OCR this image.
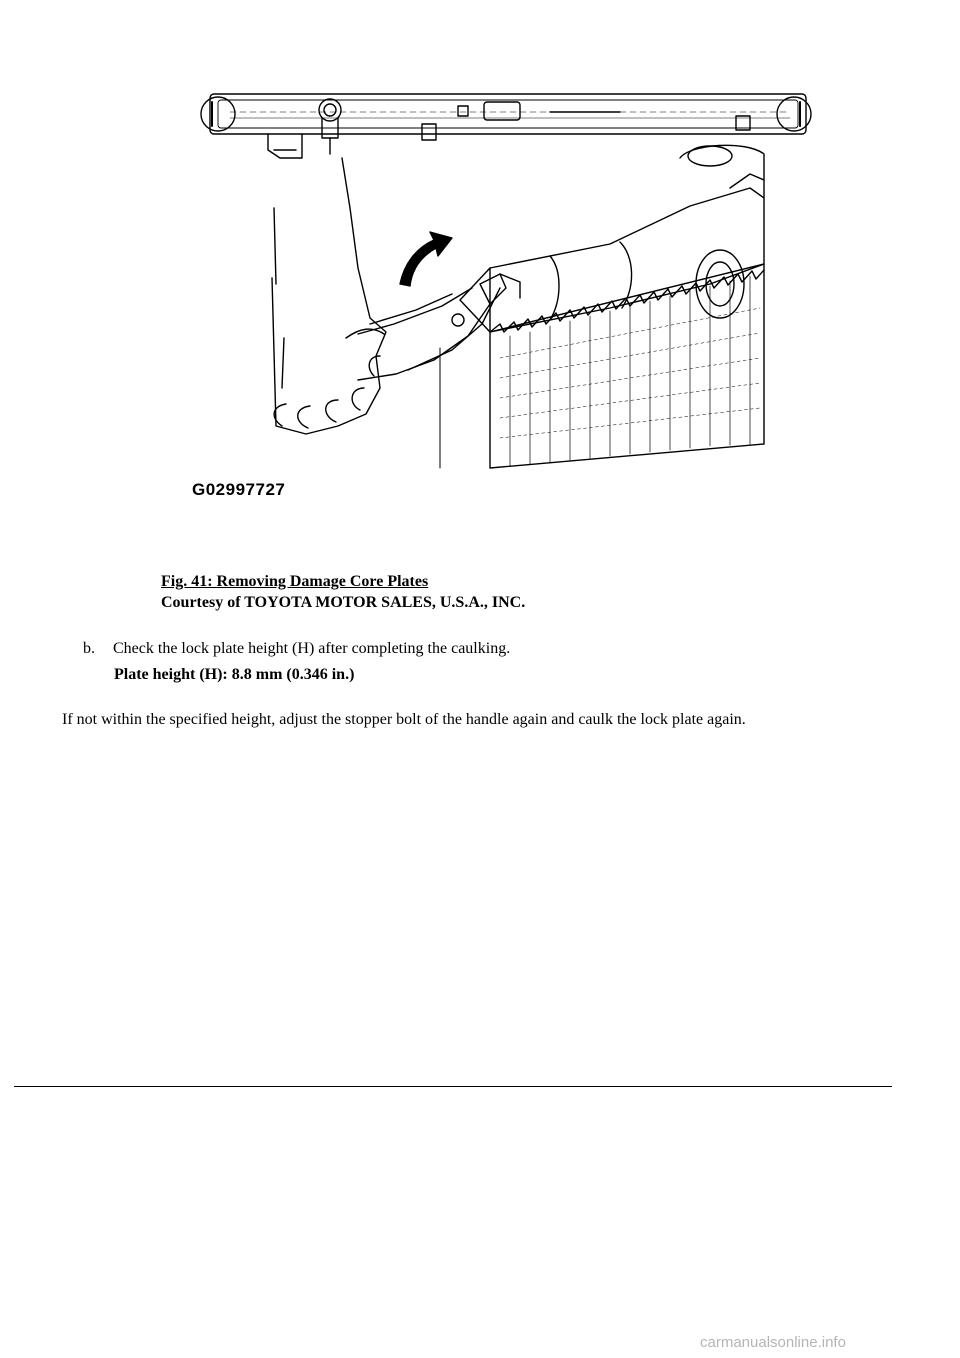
G02997727
Fig. 41: Removing Damage Core Plates
Courtesy of TOYOTA MOTOR SALES, U.S.A., INC.
b. Check the lock plate height (H) after completing the caulking.
Plate height (H): 8.8 mm (0.346 in.)
If not within the specified height, adjust the stopper bolt of the handle again and caulk the lock plate again.
carmanualsonline.info
